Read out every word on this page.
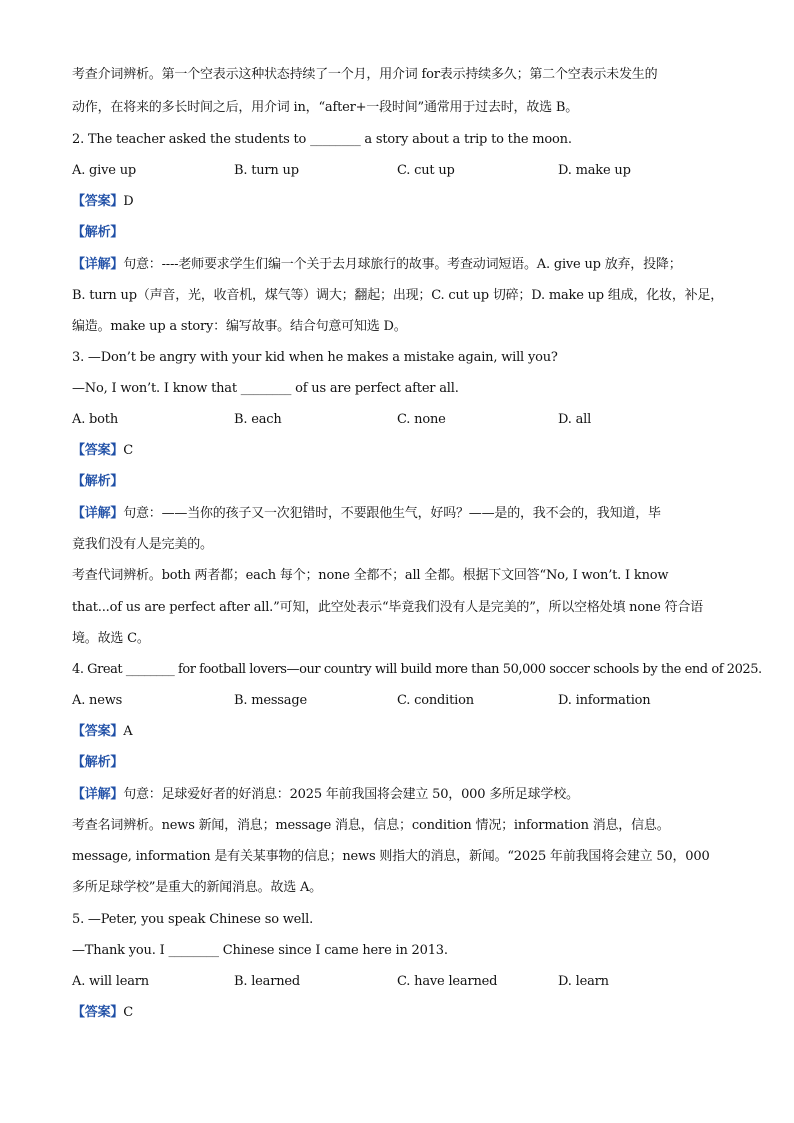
考查介词辨析。第一个空表示这种状态持续了一个月，用介词 for表示持续多久；第二个空表示未发生的
动作，在将来的多长时间之后，用介词 in，“after+一段时间”通常用于过去时，故选 B。
2. The teacher asked the students to ________ a story about a trip to the moon.
A. give up	B. turn up	C. cut up	D. make up
【答案】D
【解析】
【详解】句意：----老师要求学生们编一个关于去月球旅行的故事。考查动词短语。A. give up 放弃，投降；
B. turn up（声音，光，收音机，煤气等）调大；翻起；出现；C. cut up 切碎；D. make up 组成，化妆，补足，
编造。make up a story：编写故事。结合句意可知选 D。
3. —Don’t be angry with your kid when he makes a mistake again, will you?
—No, I won’t. I know that ________ of us are perfect after all.
A. both	B. each	C. none	D. all
【答案】C
【解析】
【详解】句意：——当你的孩子又一次犯错时，不要跟他生气，好吗？——是的，我不会的，我知道，毕
竟我们没有人是完美的。
考查代词辨析。both 两者都；each 每个；none 全都不；all 全都。根据下文回答“No, I won’t. I know
that...of us are perfect after all.”可知，此空处表示“毕竟我们没有人是完美的”，所以空格处填 none 符合语
境。故选 C。
4. Great ________ for football lovers—our country will build more than 50,000 soccer schools by the end of 2025.
A. news	B. message	C. condition	D. information
【答案】A
【解析】
【详解】句意：足球爱好者的好消息：2025 年前我国将会建立 50，000 多所足球学校。
考查名词辨析。news 新闻，消息；message 消息，信息；condition 情况；information 消息，信息。
message, information 是有关某事物的信息；news 则指大的消息，新闻。“2025 年前我国将会建立 50，000
多所足球学校”是重大的新闻消息。故选 A。
5. —Peter, you speak Chinese so well.
—Thank you. I ________ Chinese since I came here in 2013.
A. will learn	B. learned	C. have learned	D. learn
【答案】C
